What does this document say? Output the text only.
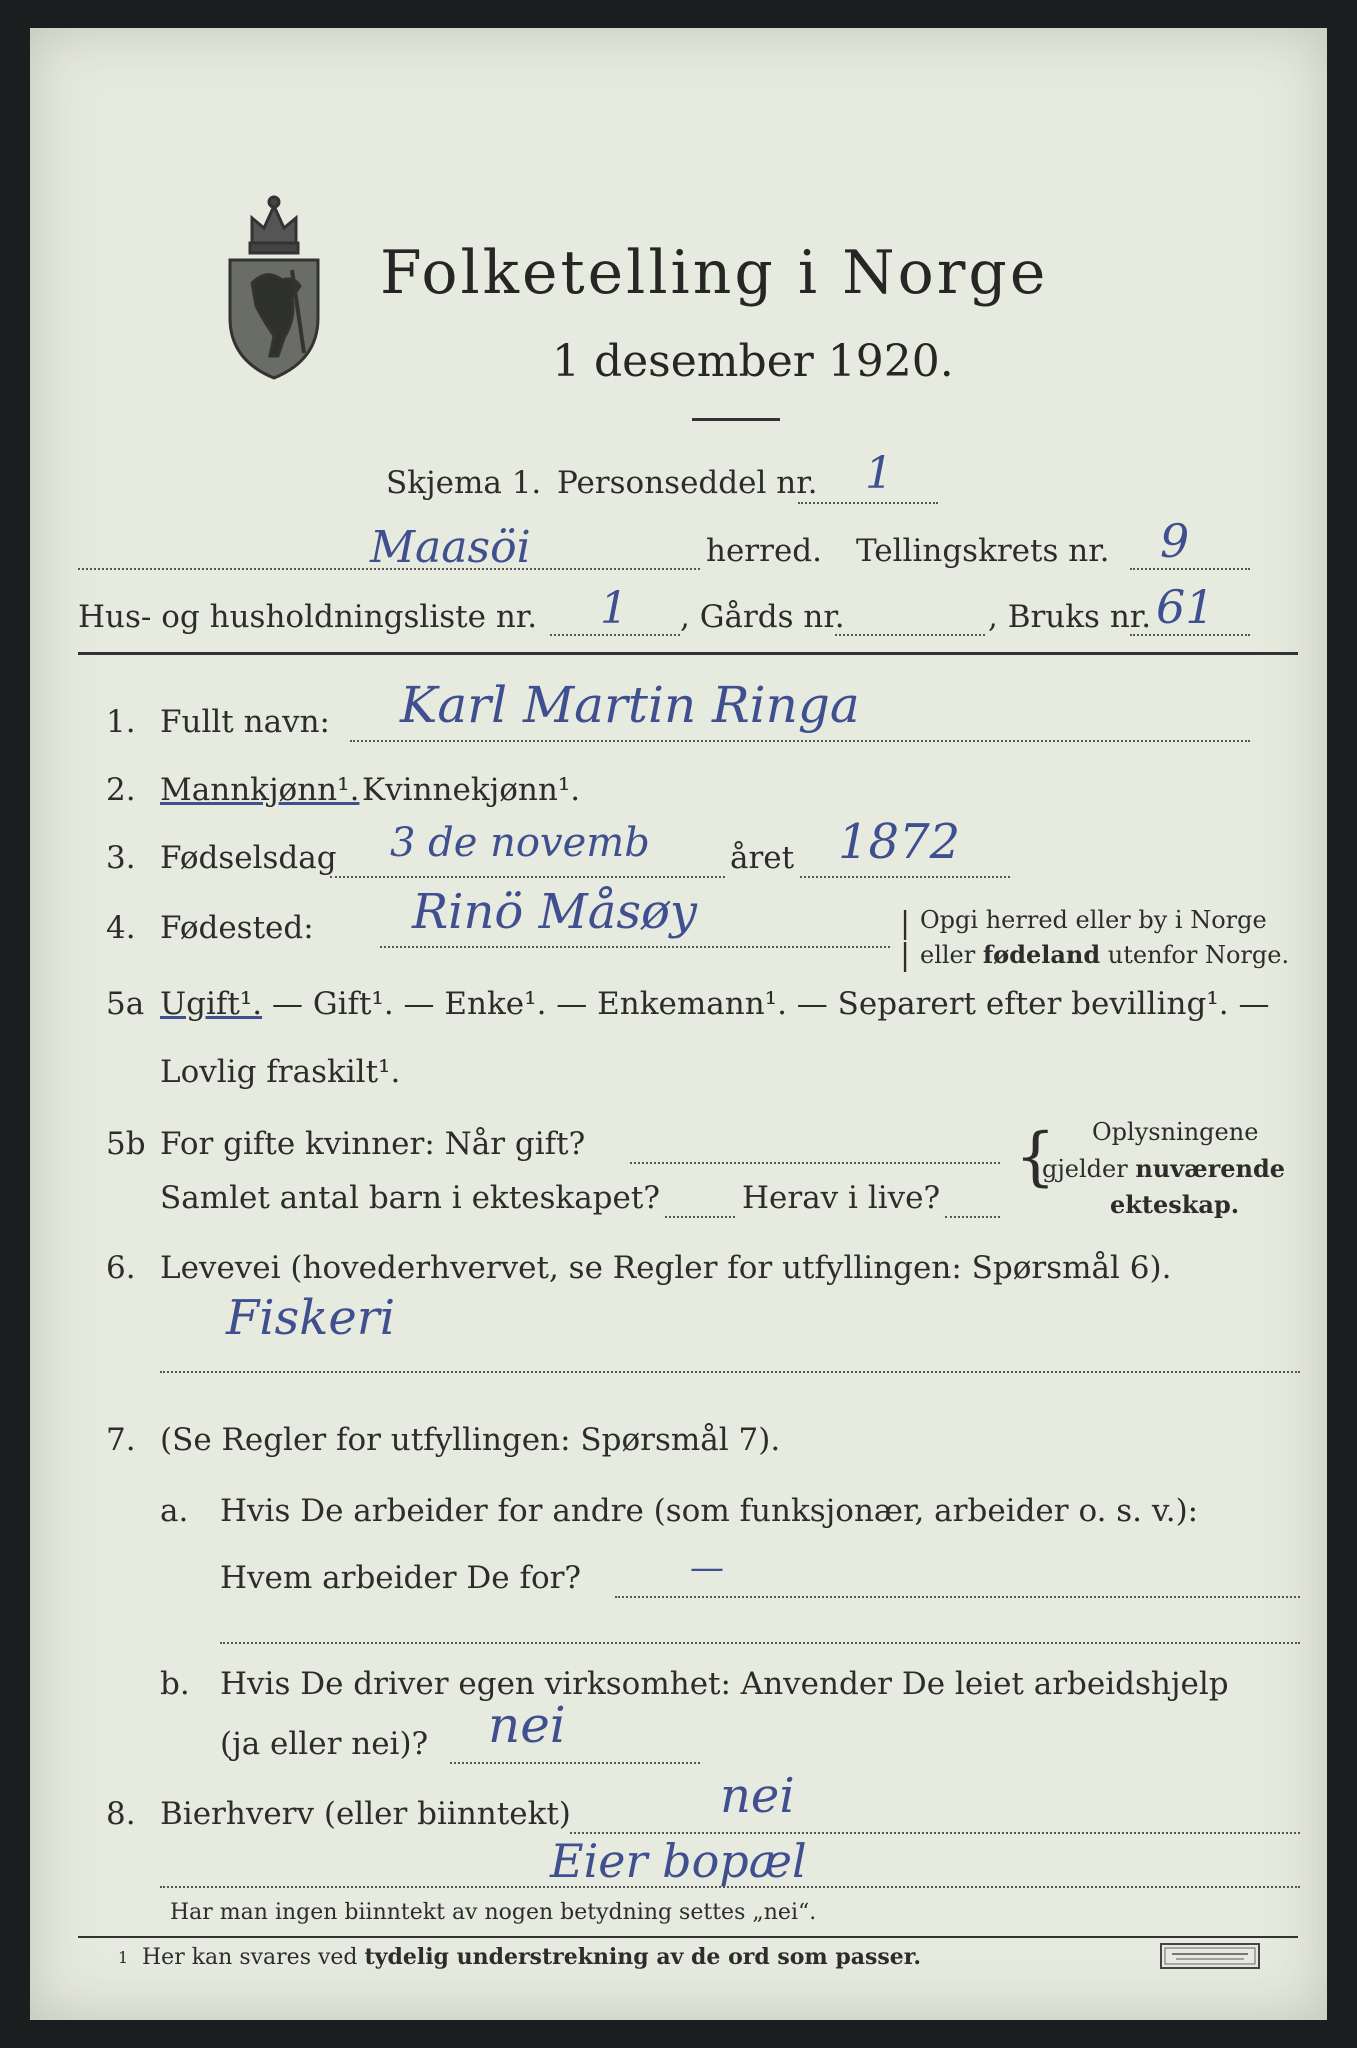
Folketelling i Norge
1 desember 1920.
Skjema 1. Personseddel nr. 1
Maasöi	herred. Tellingskrets nr. 9
Hus- og husholdningsliste nr. 1 , Gårds nr.	, Bruks nr. 61
1. Fullt navn: Karl Martin Ringa
2. Mannkjønn¹. Kvinnekjønn¹.
3. Fødselsdag 3 de novemb	året 1872
4. Fødested: Rinö Måsøy	|
|
Opgi herred eller by i Norge
eller fødeland utenfor Norge.
5a Ugift¹. — Gift¹. — Enke¹. — Enkemann¹. — Separert efter bevilling¹. —
Lovlig fraskilt¹.
5b For gifte kvinner: Når gift?
Samlet antal barn i ekteskapet?	Herav i live?
{ Oplysningene
gjelder nuværende
ekteskap.
6. Levevei (hovederhvervet, se Regler for utfyllingen: Spørsmål 6).
Fiskeri
7. (Se Regler for utfyllingen: Spørsmål 7).
a. Hvis De arbeider for andre (som funksjonær, arbeider o. s. v.):
Hvem arbeider De for?	—
b. Hvis De driver egen virksomhet: Anvender De leiet arbeidshjelp
(ja eller nei)? nei
8. Bierhverv (eller biinntekt)	nei
Eier bopæl
Har man ingen biinntekt av nogen betydning settes „nei“.
1 Her kan svares ved tydelig understrekning av de ord som passer.
